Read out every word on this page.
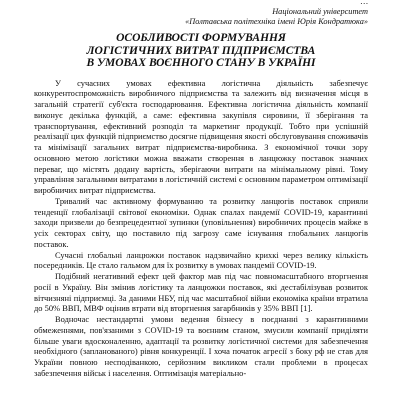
…
Національний університет
«Полтавська політехніка імені Юрія Кондратюка»
ОСОБЛИВОСТІ ФОРМУВАННЯ
ЛОГІСТИЧНИХ ВИТРАТ ПІДПРИЄМСТВА
В УМОВАХ ВОЄННОГО СТАНУ В УКРАЇНІ

У сучасних умовах ефективна логістична діяльність забезпечує конкурентоспроможність виробничого підприємства та залежить від визначення місця в загальній стратегії суб'єкта господарювання. Ефективна логістична діяльність компанії виконує декілька функцій, а саме: ефективна закупівля сировини, її зберігання та транспортування, ефективний розподіл та маркетинг продукції. Тобто при успішній реалізації цих функцій підприємство досягне підвищення якості обслуговування споживачів та мінімізації загальних витрат підприємства-виробника. З економічної точки зору основною метою логістики можна вважати створення в ланцюжку поставок значних переваг, що містять додану вартість, зберігаючи витрати на мінімальному рівні. Тому управління загальними витратами в логістичній системі є основним параметром оптимізації виробничих витрат підприємства.

Тривалий час активному формуванню та розвитку ланцюгів поставок сприяли тенденції глобалізації світової економіки. Однак спалах пандемії COVID-19, карантинні заходи призвели до безпрецедентної зупинки (уповільнення) виробничих процесів майже в усіх секторах світу, що поставило під загрозу саме існування глобальних ланцюгів поставок.

Сучасні глобальні ланцюжки поставок надзвичайно крихкі через велику кількість посередників. Це стало гальмом для їх розвитку в умовах пандемії COVID-19.

Подібний негативний ефект цей фактор мав під час повномасштабного вторгнення росії в Україну. Він змінив логістику та ланцюжки поставок, які дестабілізував розвиток вітчизняні підприємці. За даними НБУ, під час масштабної війни економіка країни втратила до 50% ВВП, МВФ оцінив втрати від вторгнення загарбників у 35% ВВП [1].

Водночас нестандартні умови ведення бізнесу в поєднанні з карантинними обмеженнями, пов'язаними з COVID-19 та воєнним станом, змусили компанії приділяти більше уваги вдосконаленню, адаптації та розвитку логістичної системи для забезпечення необхідного (запланованого) рівня конкуренції. І хоча початок агресії з боку рф не став для України повною несподіванкою, серйозним викликом стали проблеми в процесах забезпечення військ і населення. Оптимізація матеріально-
